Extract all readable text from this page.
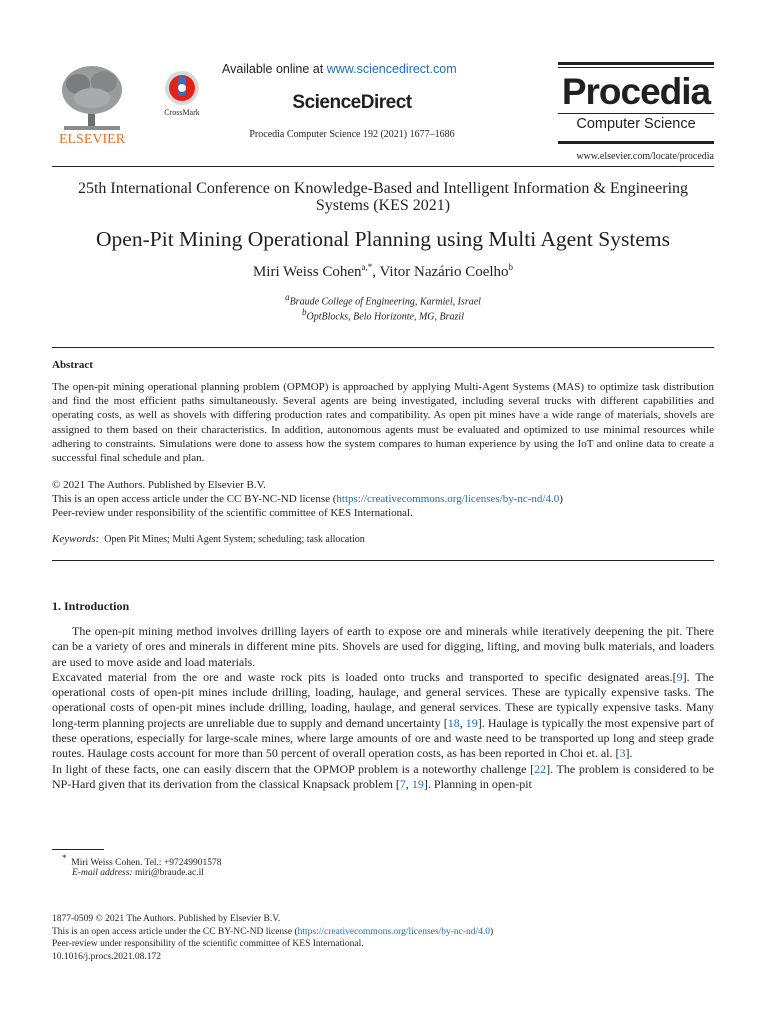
ELSEVIER
CrossMark
Available online at www.sciencedirect.com
ScienceDirect
Procedia Computer Science 192 (2021) 1677–1686
Procedia
Computer Science
www.elsevier.com/locate/procedia
25th International Conference on Knowledge-Based and Intelligent Information & Engineering Systems (KES 2021)
Open-Pit Mining Operational Planning using Multi Agent Systems
Miri Weiss Cohen$^{a,*}$, Vitor Nazário Coelho$^b$
$^a$Braude College of Engineering, Karmiel, Israel
$^b$OptBlocks, Belo Horizonte, MG, Brazil
Abstract
The open-pit mining operational planning problem (OPMOP) is approached by applying Multi-Agent Systems (MAS) to optimize task distribution and find the most efficient paths simultaneously. Several agents are being investigated, including several trucks with different capabilities and operating costs, as well as shovels with differing production rates and compatibility. As open pit mines have a wide range of materials, shovels are assigned to them based on their characteristics. In addition, autonomous agents must be evaluated and optimized to use minimal resources while adhering to constraints. Simulations were done to assess how the system compares to human experience by using the IoT and online data to create a successful final schedule and plan.
© 2021 The Authors. Published by Elsevier B.V.
This is an open access article under the CC BY-NC-ND license (https://creativecommons.org/licenses/by-nc-nd/4.0)
Peer-review under responsibility of the scientific committee of KES International.
Keywords: Open Pit Mines; Multi Agent System; scheduling; task allocation
1. Introduction

The open-pit mining method involves drilling layers of earth to expose ore and minerals while iteratively deepening the pit. There can be a variety of ores and minerals in different mine pits. Shovels are used for digging, lifting, and moving bulk materials, and loaders are used to move aside and load materials.

Excavated material from the ore and waste rock pits is loaded onto trucks and transported to specific designated areas.[9]. The operational costs of open-pit mines include drilling, loading, haulage, and general services. These are typically expensive tasks. The operational costs of open-pit mines include drilling, loading, haulage, and general services. These are typically expensive tasks. Many long-term planning projects are unreliable due to supply and demand uncertainty [18, 19]. Haulage is typically the most expensive part of these operations, especially for large-scale mines, where large amounts of ore and waste need to be transported up long and steep grade routes. Haulage costs account for more than 50 percent of overall operation costs, as has been reported in Choi et. al. [3].

In light of these facts, one can easily discern that the OPMOP problem is a noteworthy challenge [22]. The problem is considered to be NP-Hard given that its derivation from the classical Knapsack problem [7, 19]. Planning in open-pit

*  Miri Weiss Cohen. Tel.: +97249901578
E-mail address: miri@braude.ac.il
1877-0509 © 2021 The Authors. Published by Elsevier B.V.
This is an open access article under the CC BY-NC-ND license (https://creativecommons.org/licenses/by-nc-nd/4.0)
Peer-review under responsibility of the scientific committee of KES International.
10.1016/j.procs.2021.08.172
